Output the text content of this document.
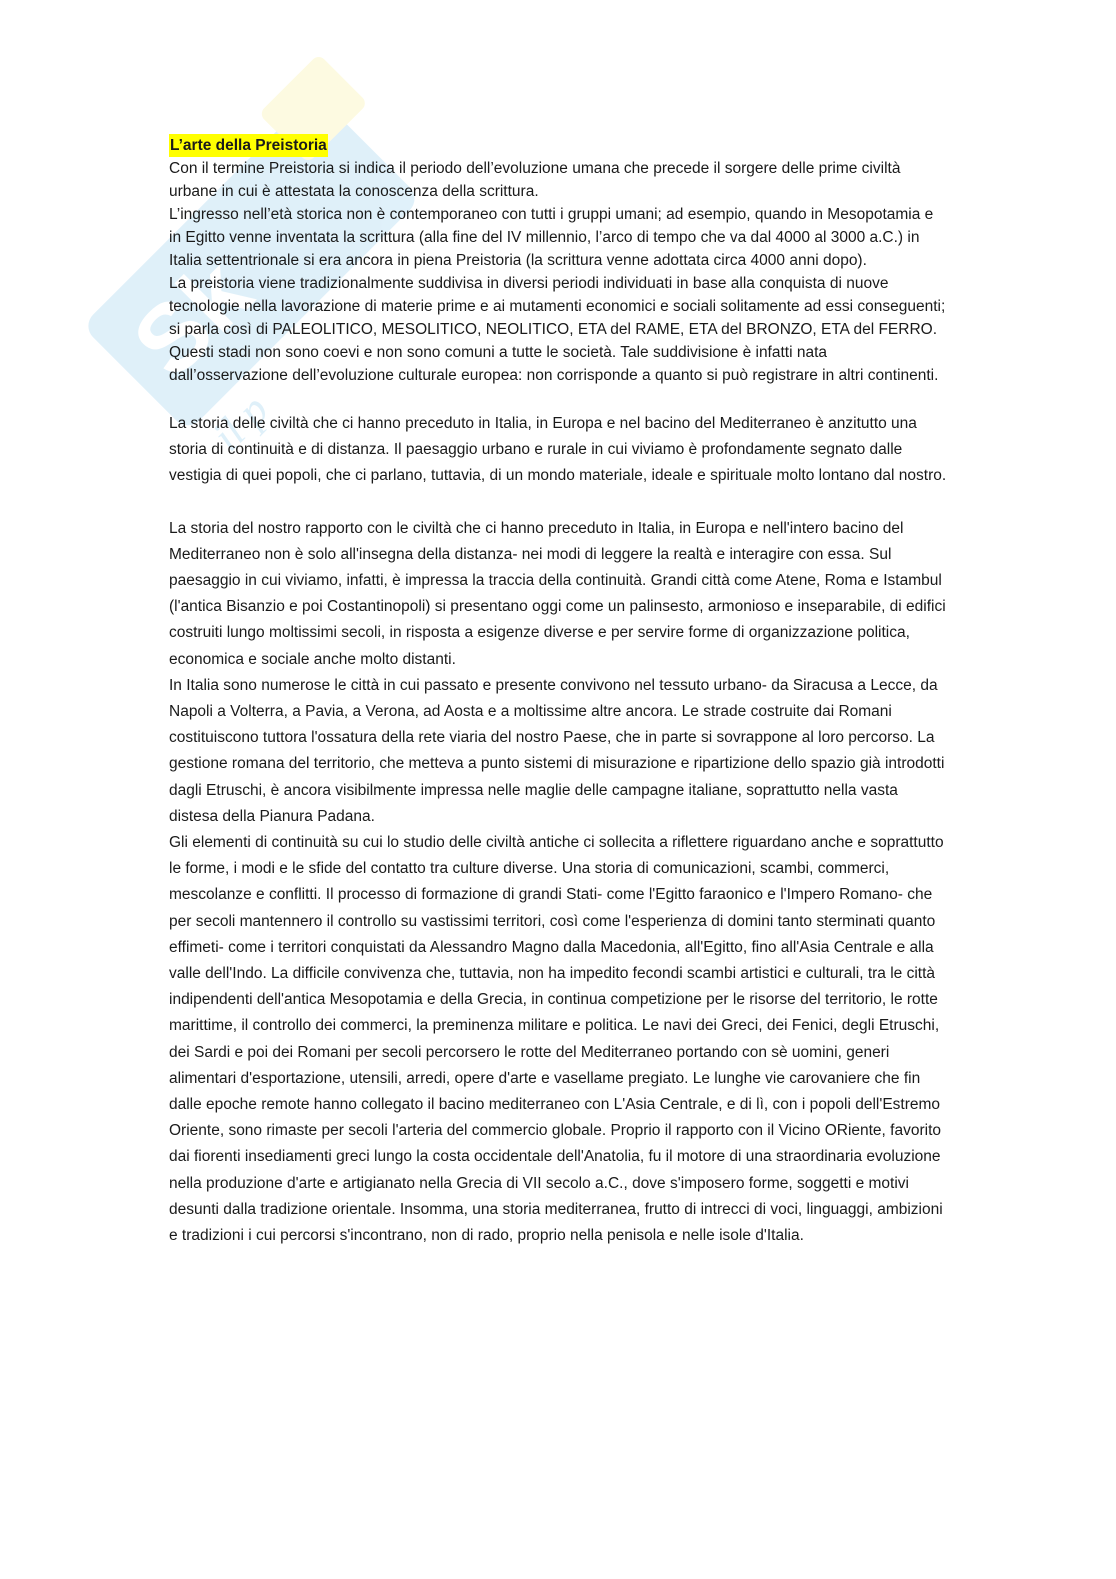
Sk
il p
L’arte della Preistoria

Con il termine Preistoria si indica il periodo dell’evoluzione umana che precede il sorgere delle prime civiltà urbane in cui è attestata la conoscenza della scrittura.

L’ingresso nell’età storica non è contemporaneo con tutti i gruppi umani; ad esempio, quando in Mesopotamia e in Egitto venne inventata la scrittura (alla fine del IV millennio, l’arco di tempo che va dal 4000 al 3000 a.C.) in Italia settentrionale si era ancora in piena Preistoria (la scrittura venne adottata circa 4000 anni dopo).

La preistoria viene tradizionalmente suddivisa in diversi periodi individuati in base alla conquista di nuove tecnologie nella lavorazione di materie prime e ai mutamenti economici e sociali solitamente ad essi conseguenti; si parla così di PALEOLITICO, MESOLITICO, NEOLITICO, ETA del RAME, ETA del BRONZO, ETA del FERRO.

Questi stadi non sono coevi e non sono comuni a tutte le società. Tale suddivisione è infatti nata dall’osservazione dell’evoluzione culturale europea: non corrisponde a quanto si può registrare in altri continenti.

La storia delle civiltà che ci hanno preceduto in Italia, in Europa e nel bacino del Mediterraneo è anzitutto una storia di continuità e di distanza. Il paesaggio urbano e rurale in cui viviamo è profondamente segnato dalle vestigia di quei popoli, che ci parlano, tuttavia, di un mondo materiale, ideale e spirituale molto lontano dal nostro.

La storia del nostro rapporto con le civiltà che ci hanno preceduto in Italia, in Europa e nell'intero bacino del Mediterraneo non è solo all'insegna della distanza- nei modi di leggere la realtà e interagire con essa. Sul paesaggio in cui viviamo, infatti, è impressa la traccia della continuità. Grandi città come Atene, Roma e Istambul (l'antica Bisanzio e poi Costantinopoli) si presentano oggi come un palinsesto, armonioso e inseparabile, di edifici costruiti lungo moltissimi secoli, in risposta a esigenze diverse e per servire forme di organizzazione politica, economica e sociale anche molto distanti.

In Italia sono numerose le città in cui passato e presente convivono nel tessuto urbano- da Siracusa a Lecce, da Napoli a Volterra, a Pavia, a Verona, ad Aosta e a moltissime altre ancora. Le strade costruite dai Romani costituiscono tuttora l'ossatura della rete viaria del nostro Paese, che in parte si sovrappone al loro percorso. La gestione romana del territorio, che metteva a punto sistemi di misurazione e ripartizione dello spazio già introdotti dagli Etruschi, è ancora visibilmente impressa nelle maglie delle campagne italiane, soprattutto nella vasta distesa della Pianura Padana.

Gli elementi di continuità su cui lo studio delle civiltà antiche ci sollecita a riflettere riguardano anche e soprattutto le forme, i modi e le sfide del contatto tra culture diverse. Una storia di comunicazioni, scambi, commerci, mescolanze e conflitti. Il processo di formazione di grandi Stati- come l'Egitto faraonico e l'Impero Romano- che per secoli mantennero il controllo su vastissimi territori, così come l'esperienza di domini tanto sterminati quanto effimeti- come i territori conquistati da Alessandro Magno dalla Macedonia, all'Egitto, fino all'Asia Centrale e alla valle dell'Indo. La difficile convivenza che, tuttavia, non ha impedito fecondi scambi artistici e culturali, tra le città indipendenti dell'antica Mesopotamia e della Grecia, in continua competizione per le risorse del territorio, le rotte marittime, il controllo dei commerci, la preminenza militare e politica. Le navi dei Greci, dei Fenici, degli Etruschi, dei Sardi e poi dei Romani per secoli percorsero le rotte del Mediterraneo portando con sè uomini, generi alimentari d'esportazione, utensili, arredi, opere d'arte e vasellame pregiato. Le lunghe vie carovaniere che fin dalle epoche remote hanno collegato il bacino mediterraneo con L'Asia Centrale, e di lì, con i popoli dell'Estremo Oriente, sono rimaste per secoli l'arteria del commercio globale. Proprio il rapporto con il Vicino ORiente, favorito dai fiorenti insediamenti greci lungo la costa occidentale dell'Anatolia, fu il motore di una straordinaria evoluzione nella produzione d'arte e artigianato nella Grecia di VII secolo a.C., dove s'imposero forme, soggetti e motivi desunti dalla tradizione orientale. Insomma, una storia mediterranea, frutto di intrecci di voci, linguaggi, ambizioni e tradizioni i cui percorsi s'incontrano, non di rado, proprio nella penisola e nelle isole d'Italia.
